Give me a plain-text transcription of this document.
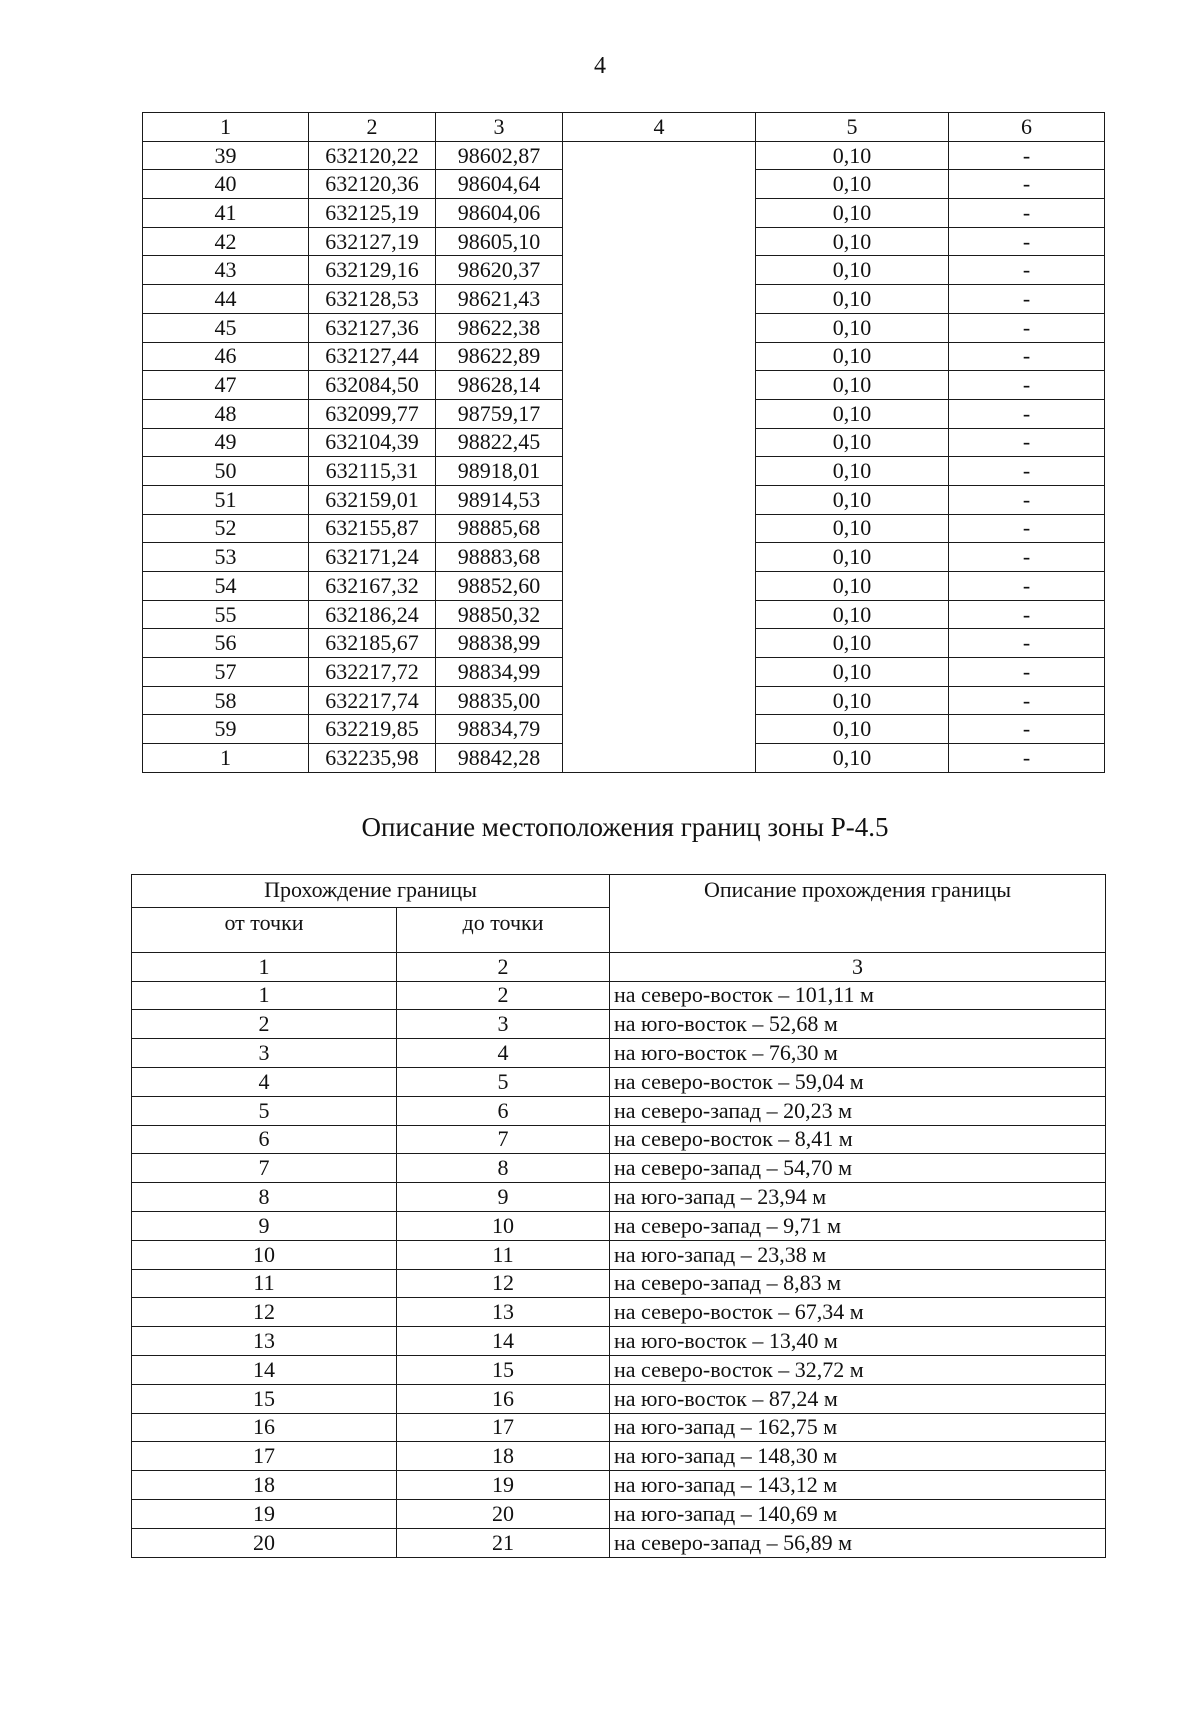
4
1	2	3	4	5	6
39	632120,22	98602,87		0,10	-
40	632120,36	98604,64		0,10	-
41	632125,19	98604,06		0,10	-
42	632127,19	98605,10		0,10	-
43	632129,16	98620,37		0,10	-
44	632128,53	98621,43		0,10	-
45	632127,36	98622,38		0,10	-
46	632127,44	98622,89		0,10	-
47	632084,50	98628,14		0,10	-
48	632099,77	98759,17		0,10	-
49	632104,39	98822,45		0,10	-
50	632115,31	98918,01		0,10	-
51	632159,01	98914,53		0,10	-
52	632155,87	98885,68		0,10	-
53	632171,24	98883,68		0,10	-
54	632167,32	98852,60		0,10	-
55	632186,24	98850,32		0,10	-
56	632185,67	98838,99		0,10	-
57	632217,72	98834,99		0,10	-
58	632217,74	98835,00		0,10	-
59	632219,85	98834,79		0,10	-
1	632235,98	98842,28		0,10	-
Описание местоположения границ зоны Р-4.5
Прохождение границы		Описание прохождения границы
от точки	до точки	
1	2	3
1	2	на северо-восток – 101,11 м
2	3	на юго-восток – 52,68 м
3	4	на юго-восток – 76,30 м
4	5	на северо-восток – 59,04 м
5	6	на северо-запад – 20,23 м
6	7	на северо-восток – 8,41 м
7	8	на северо-запад – 54,70 м
8	9	на юго-запад – 23,94 м
9	10	на северо-запад – 9,71 м
10	11	на юго-запад – 23,38 м
11	12	на северо-запад – 8,83 м
12	13	на северо-восток – 67,34 м
13	14	на юго-восток – 13,40 м
14	15	на северо-восток – 32,72 м
15	16	на юго-восток – 87,24 м
16	17	на юго-запад – 162,75 м
17	18	на юго-запад – 148,30 м
18	19	на юго-запад – 143,12 м
19	20	на юго-запад – 140,69 м
20	21	на северо-запад – 56,89 м
